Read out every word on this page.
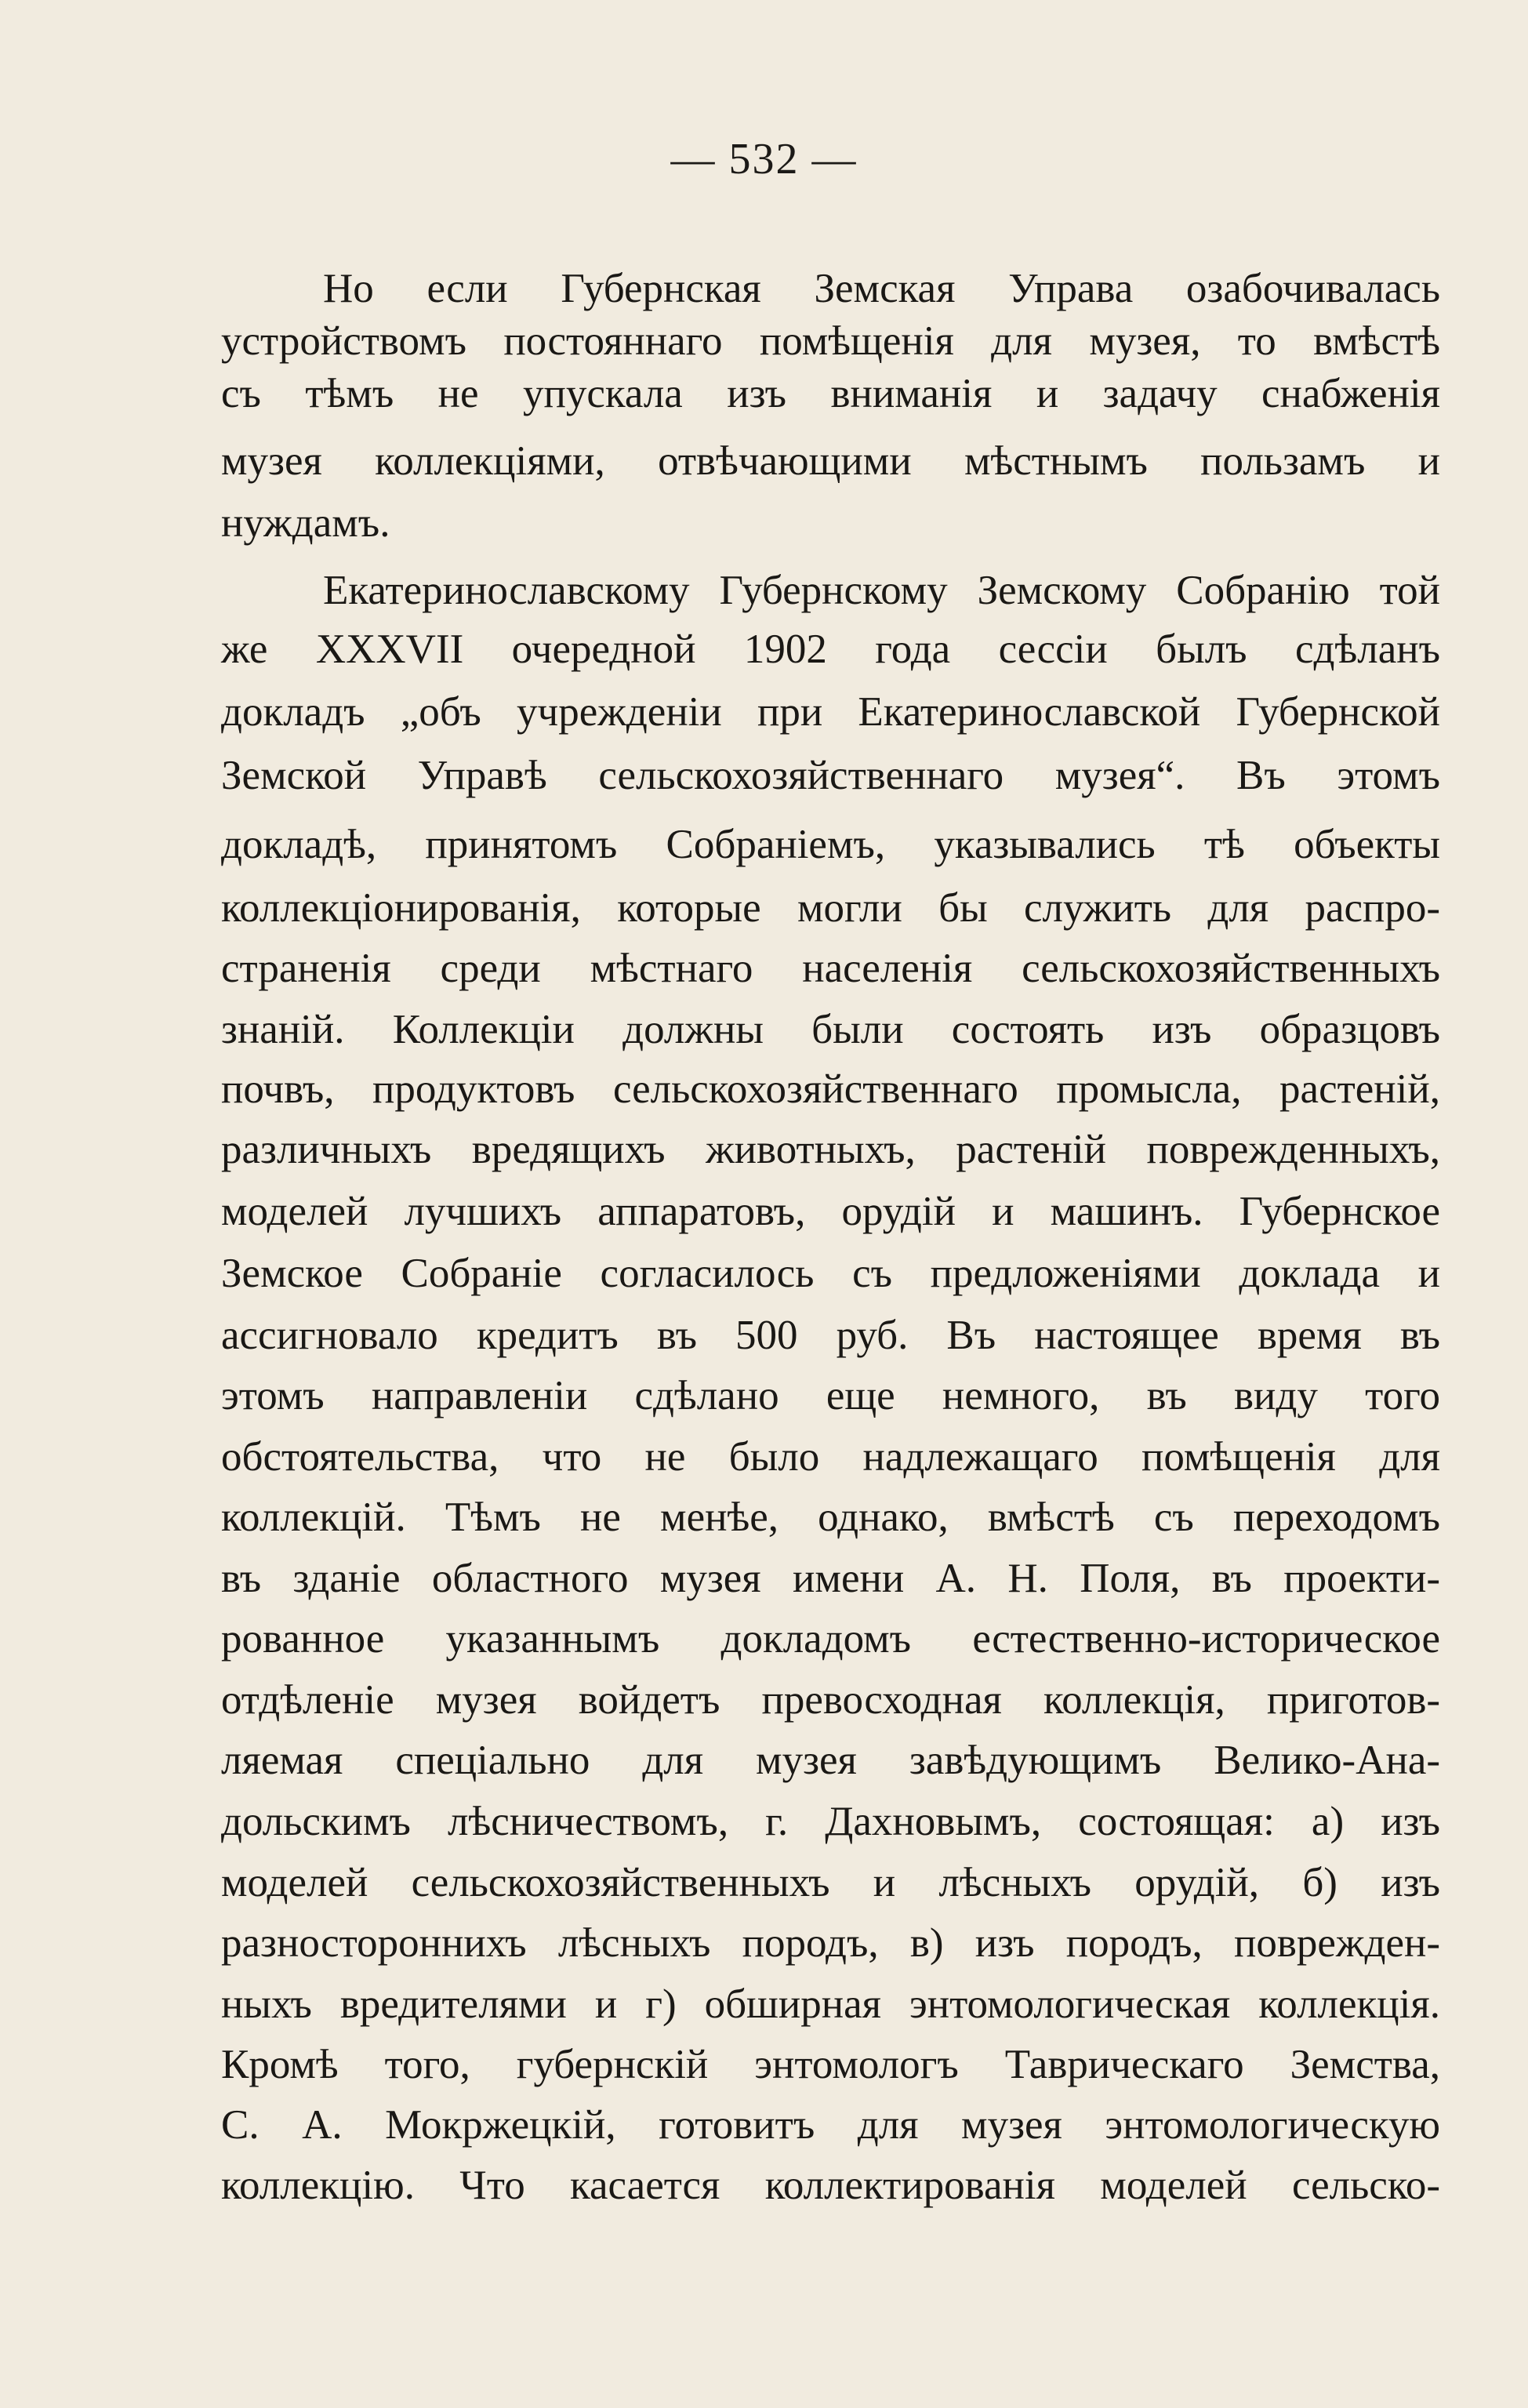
— 532 —
Но если Губернская Земская Управа озабочивалась
устройствомъ постояннаго помѣщенія для музея, то вмѣстѣ
съ тѣмъ не упускала изъ вниманія и задачу снабженія
музея коллекціями, отвѣчающими мѣстнымъ пользамъ и
нуждамъ.
Екатеринославскому Губернскому Земскому Собранію той
же XXXVII очередной 1902 года сессіи былъ сдѣланъ
докладъ „объ учрежденіи при Екатеринославской Губернской
Земской Управѣ сельскохозяйственнаго музея“. Въ этомъ
докладѣ, принятомъ Собраніемъ, указывались тѣ объекты
коллекціонированія, которые могли бы служить для распро-
страненія среди мѣстнаго населенія сельскохозяйственныхъ
знаній. Коллекціи должны были состоять изъ образцовъ
почвъ, продуктовъ сельскохозяйственнаго промысла, растеній,
различныхъ вредящихъ животныхъ, растеній поврежденныхъ,
моделей лучшихъ аппаратовъ, орудій и машинъ. Губернское
Земское Собраніе согласилось съ предложеніями доклада и
ассигновало кредитъ въ 500 руб. Въ настоящее время въ
этомъ направленіи сдѣлано еще немного, въ виду того
обстоятельства, что не было надлежащаго помѣщенія для
коллекцій. Тѣмъ не менѣе, однако, вмѣстѣ съ переходомъ
въ зданіе областного музея имени А. Н. Поля, въ проекти-
рованное указаннымъ докладомъ естественно-историческое
отдѣленіе музея войдетъ превосходная коллекція, приготов-
ляемая спеціально для музея завѣдующимъ Велико-Ана-
дольскимъ лѣсничествомъ, г. Дахновымъ, состоящая: а) изъ
моделей сельскохозяйственныхъ и лѣсныхъ орудій, б) изъ
разностороннихъ лѣсныхъ породъ, в) изъ породъ, поврежден-
ныхъ вредителями и г) обширная энтомологическая коллекція.
Кромѣ того, губернскій энтомологъ Таврическаго Земства,
С. А. Мокржецкій, готовитъ для музея энтомологическую
коллекцію. Что касается коллектированія моделей сельско-
